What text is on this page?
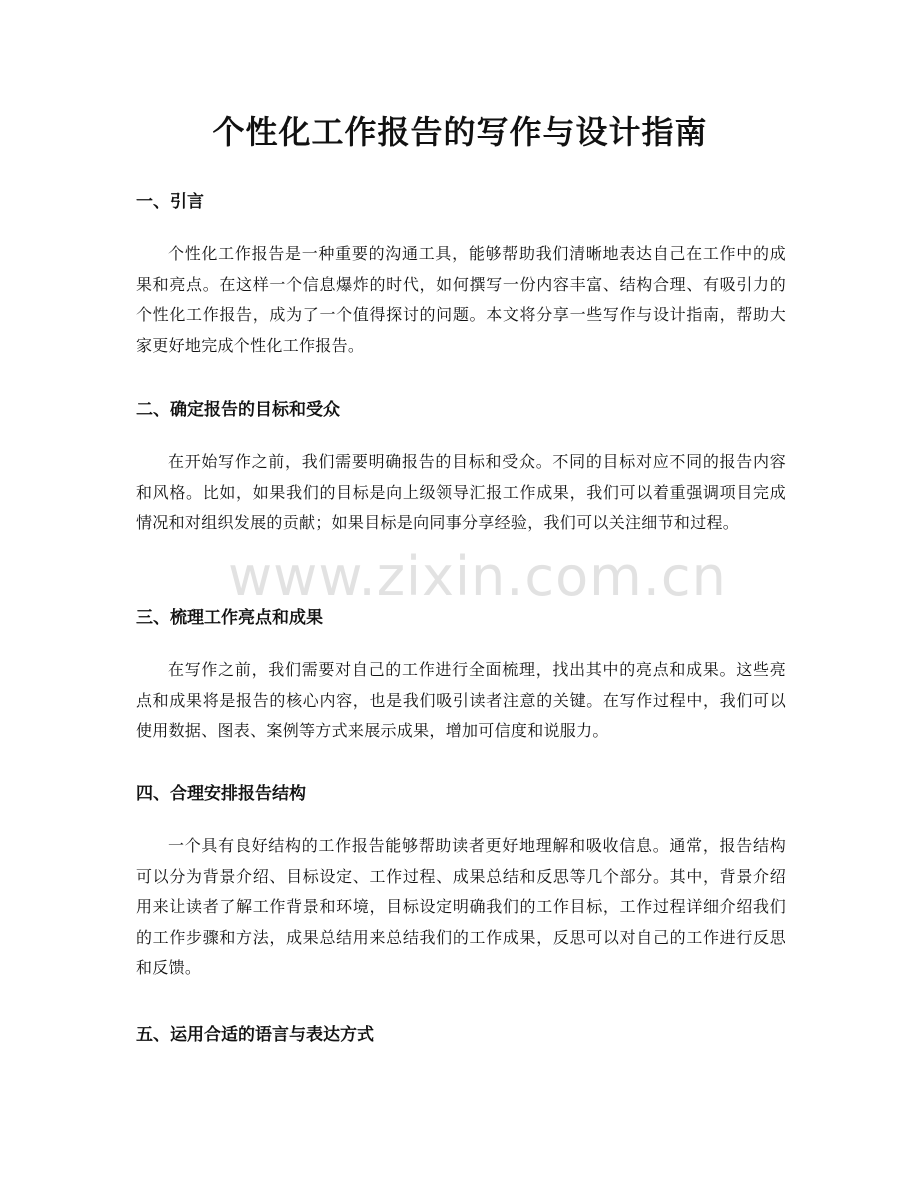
个性化工作报告的写作与设计指南
一、引言

个性化工作报告是一种重要的沟通工具，能够帮助我们清晰地表达自己在工作中的成果和亮点。在这样一个信息爆炸的时代，如何撰写一份内容丰富、结构合理、有吸引力的个性化工作报告，成为了一个值得探讨的问题。本文将分享一些写作与设计指南，帮助大家更好地完成个性化工作报告。

二、确定报告的目标和受众

在开始写作之前，我们需要明确报告的目标和受众。不同的目标对应不同的报告内容和风格。比如，如果我们的目标是向上级领导汇报工作成果，我们可以着重强调项目完成情况和对组织发展的贡献；如果目标是向同事分享经验，我们可以关注细节和过程。

三、梳理工作亮点和成果

在写作之前，我们需要对自己的工作进行全面梳理，找出其中的亮点和成果。这些亮点和成果将是报告的核心内容，也是我们吸引读者注意的关键。在写作过程中，我们可以使用数据、图表、案例等方式来展示成果，增加可信度和说服力。

四、合理安排报告结构

一个具有良好结构的工作报告能够帮助读者更好地理解和吸收信息。通常，报告结构可以分为背景介绍、目标设定、工作过程、成果总结和反思等几个部分。其中，背景介绍用来让读者了解工作背景和环境，目标设定明确我们的工作目标，工作过程详细介绍我们的工作步骤和方法，成果总结用来总结我们的工作成果，反思可以对自己的工作进行反思和反馈。

五、运用合适的语言与表达方式
www.zixin.com.cn
